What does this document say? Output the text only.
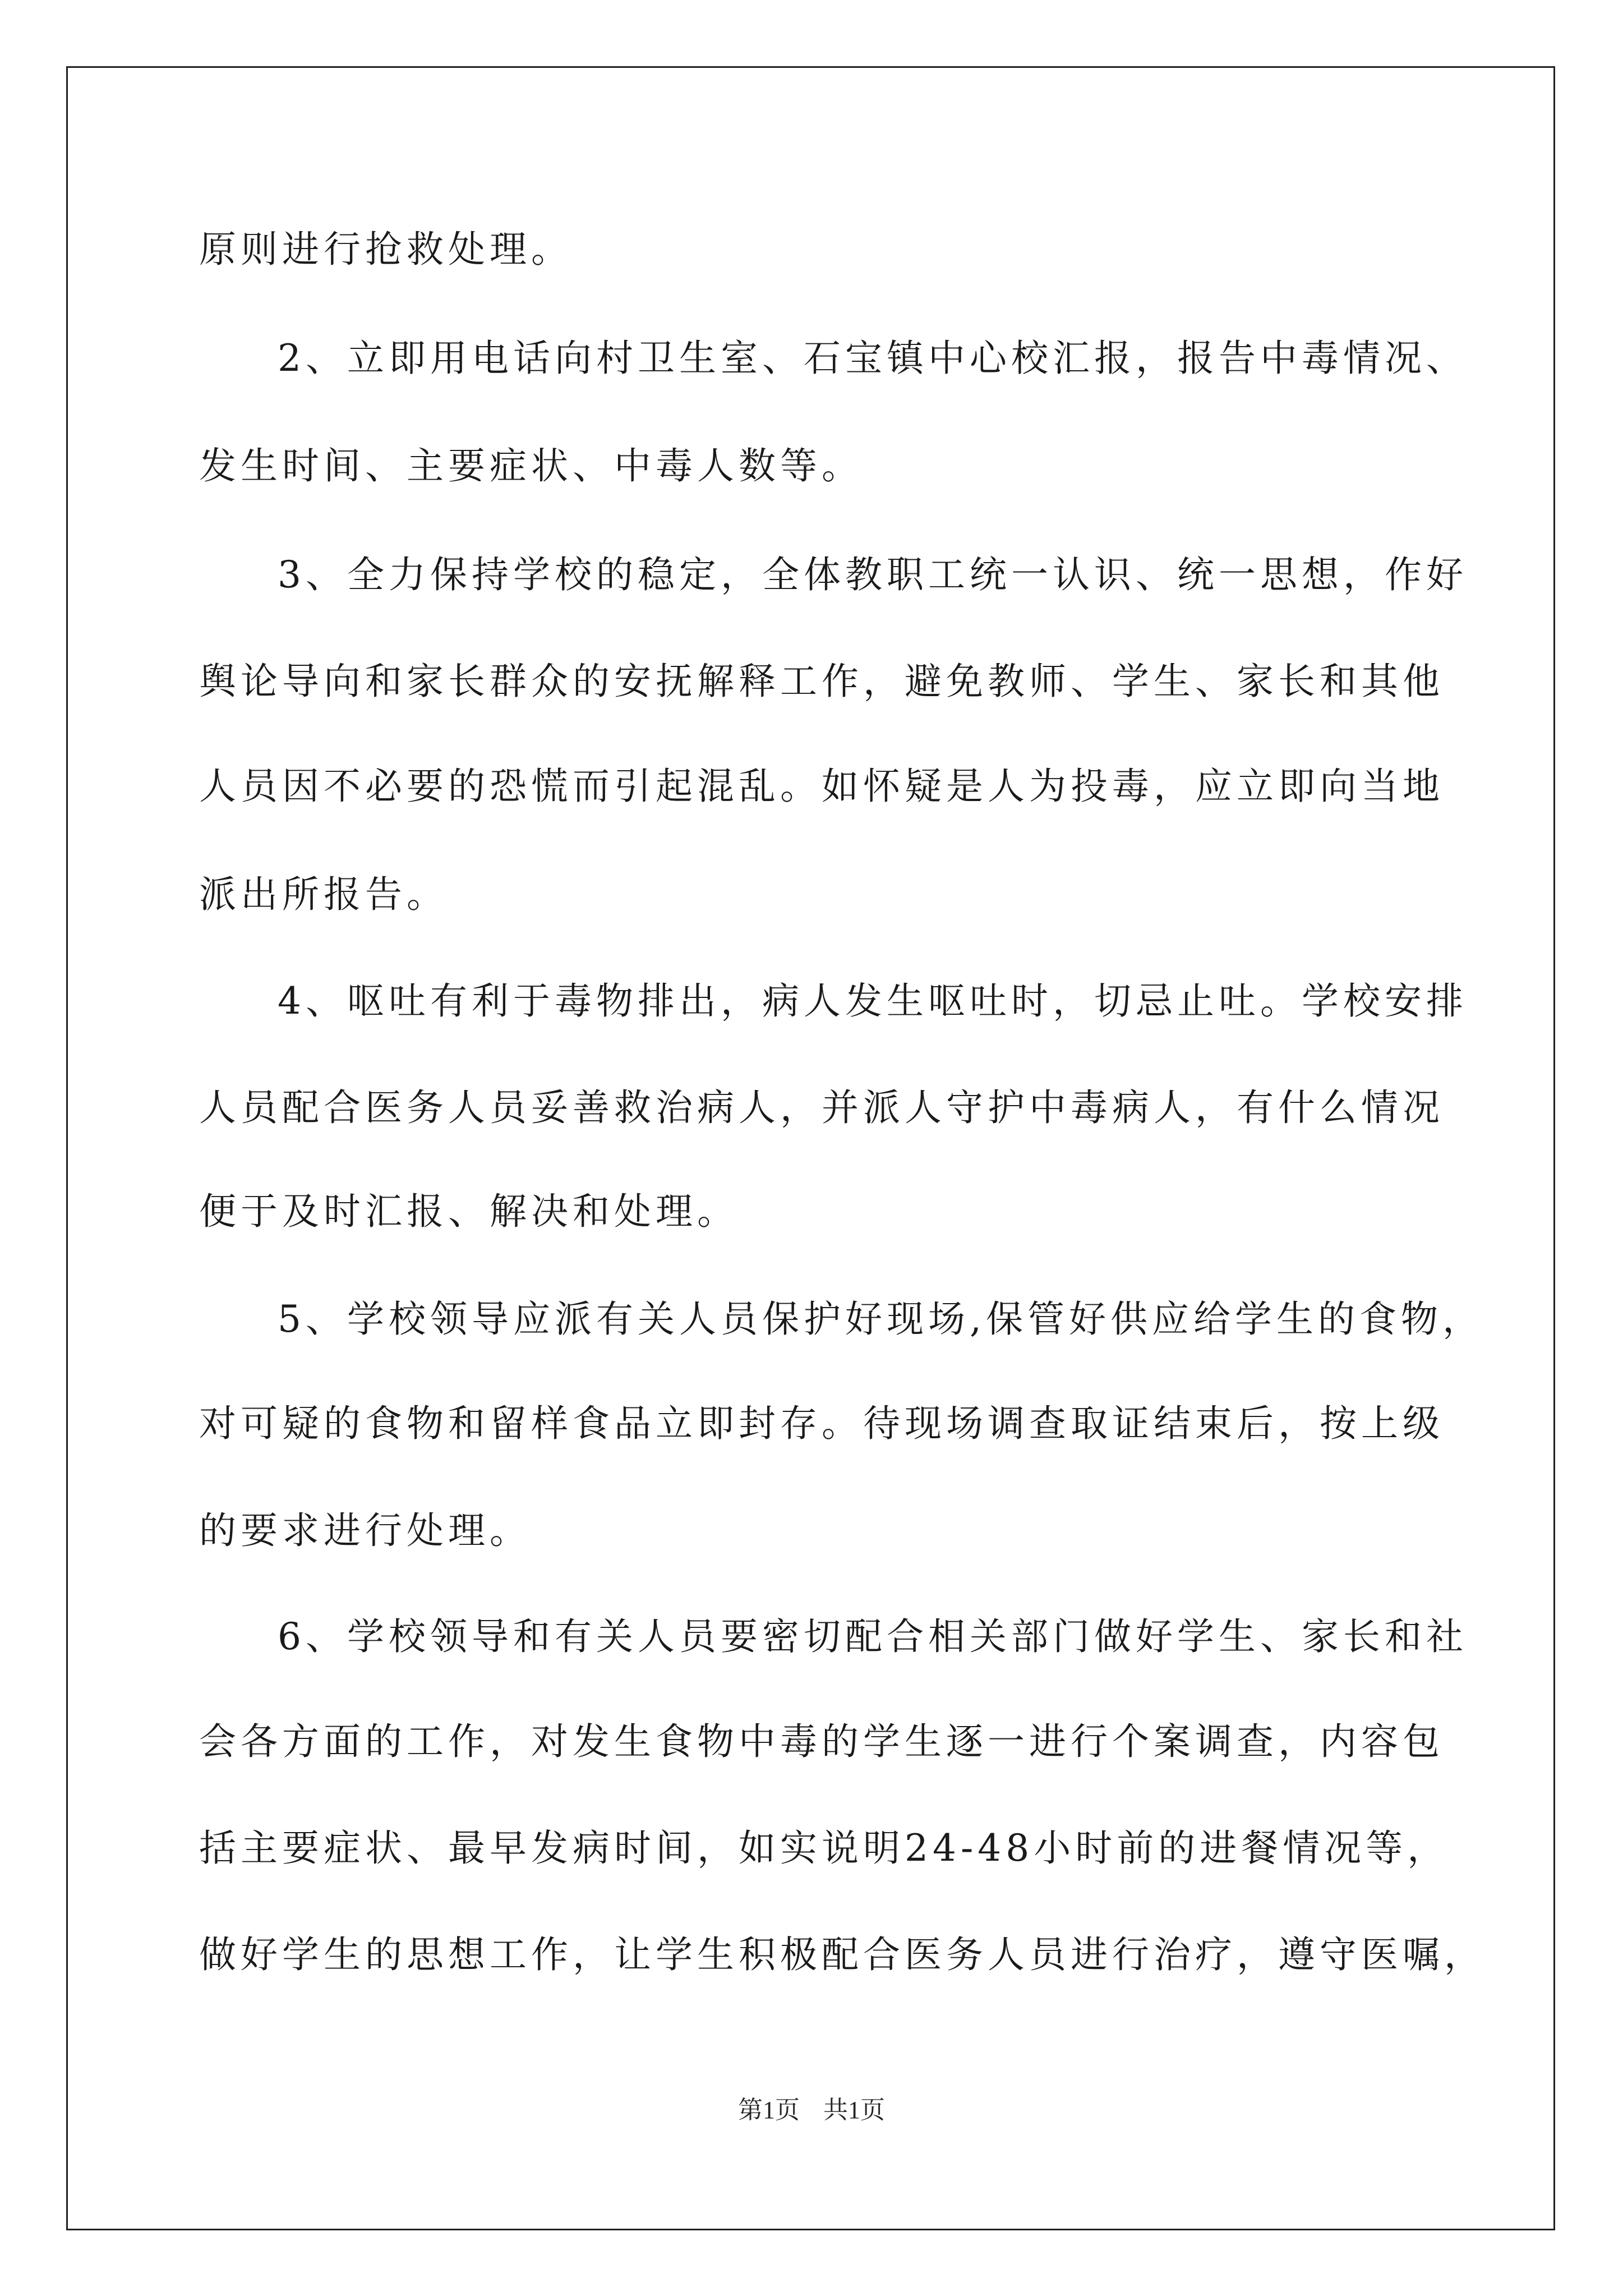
原则进行抢救处理。
2、立即用电话向村卫生室、石宝镇中心校汇报，报告中毒情况、
发生时间、主要症状、中毒人数等。
3、全力保持学校的稳定，全体教职工统一认识、统一思想，作好
舆论导向和家长群众的安抚解释工作，避免教师、学生、家长和其他
人员因不必要的恐慌而引起混乱。如怀疑是人为投毒，应立即向当地
派出所报告。
4、呕吐有利于毒物排出，病人发生呕吐时，切忌止吐。学校安排
人员配合医务人员妥善救治病人，并派人守护中毒病人，有什么情况
便于及时汇报、解决和处理。
5、学校领导应派有关人员保护好现场,保管好供应给学生的食物，
对可疑的食物和留样食品立即封存。待现场调查取证结束后，按上级
的要求进行处理。
6、学校领导和有关人员要密切配合相关部门做好学生、家长和社
会各方面的工作，对发生食物中毒的学生逐一进行个案调查，内容包
括主要症状、最早发病时间，如实说明24-48小时前的进餐情况等，
做好学生的思想工作，让学生积极配合医务人员进行治疗，遵守医嘱，
第1页 共1页
